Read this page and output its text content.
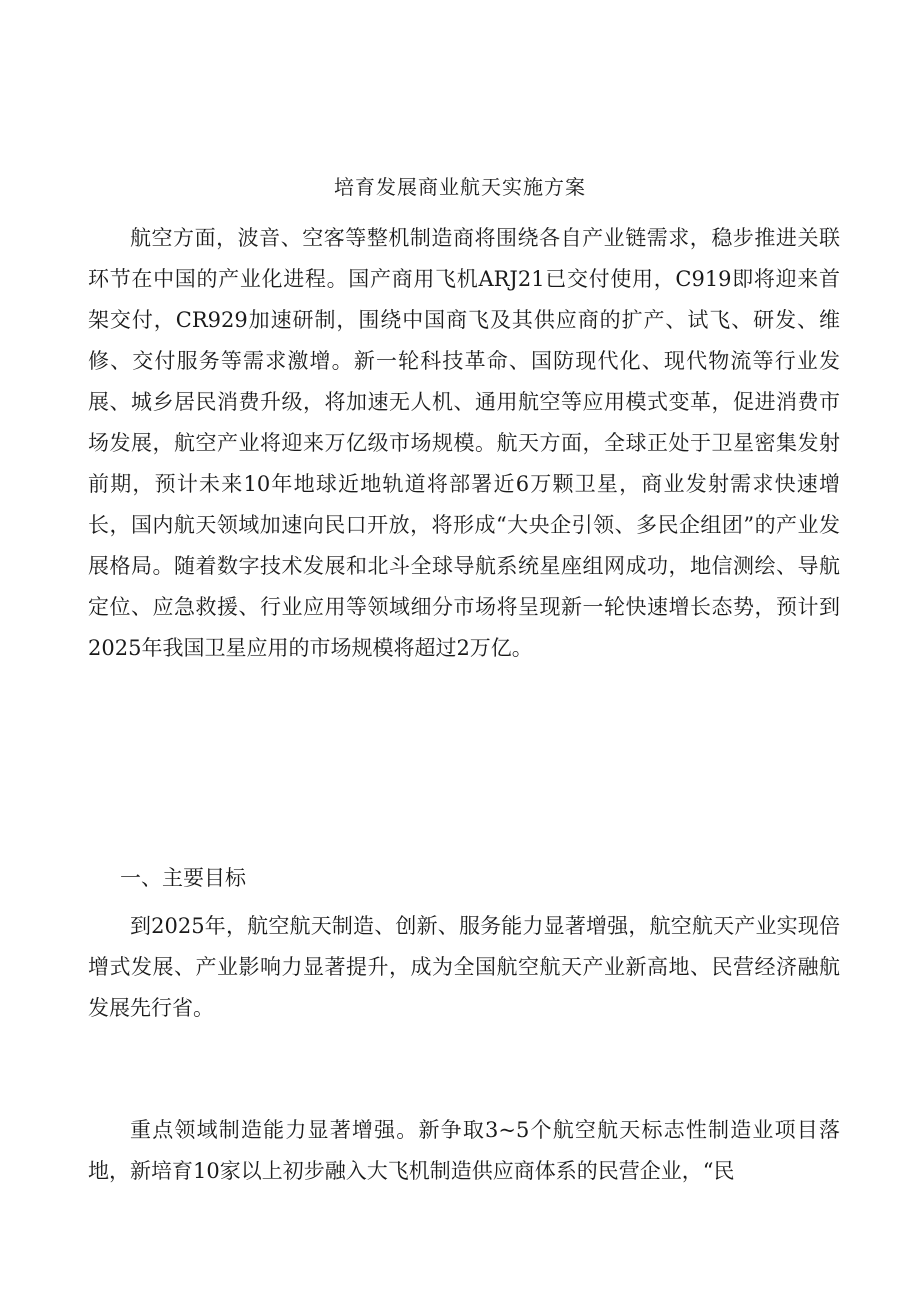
培育发展商业航天实施方案

航空方面，波音、空客等整机制造商将围绕各自产业链需求，稳步推进关联环节在中国的产业化进程。国产商用飞机ARJ21已交付使用，C919即将迎来首架交付，CR929加速研制，围绕中国商飞及其供应商的扩产、试飞、研发、维修、交付服务等需求激增。新一轮科技革命、国防现代化、现代物流等行业发展、城乡居民消费升级，将加速无人机、通用航空等应用模式变革，促进消费市场发展，航空产业将迎来万亿级市场规模。航天方面，全球正处于卫星密集发射前期，预计未来10年地球近地轨道将部署近6万颗卫星，商业发射需求快速增长，国内航天领域加速向民口开放，将形成“大央企引领、多民企组团”的产业发展格局。随着数字技术发展和北斗全球导航系统星座组网成功，地信测绘、导航定位、应急救援、行业应用等领域细分市场将呈现新一轮快速增长态势，预计到2025年我国卫星应用的市场规模将超过2万亿。

一、主要目标

到2025年，航空航天制造、创新、服务能力显著增强，航空航天产业实现倍增式发展、产业影响力显著提升，成为全国航空航天产业新高地、民营经济融航发展先行省。

重点领域制造能力显著增强。新争取3~5个航空航天标志性制造业项目落地，新培育10家以上初步融入大飞机制造供应商体系的民营企业，“民
